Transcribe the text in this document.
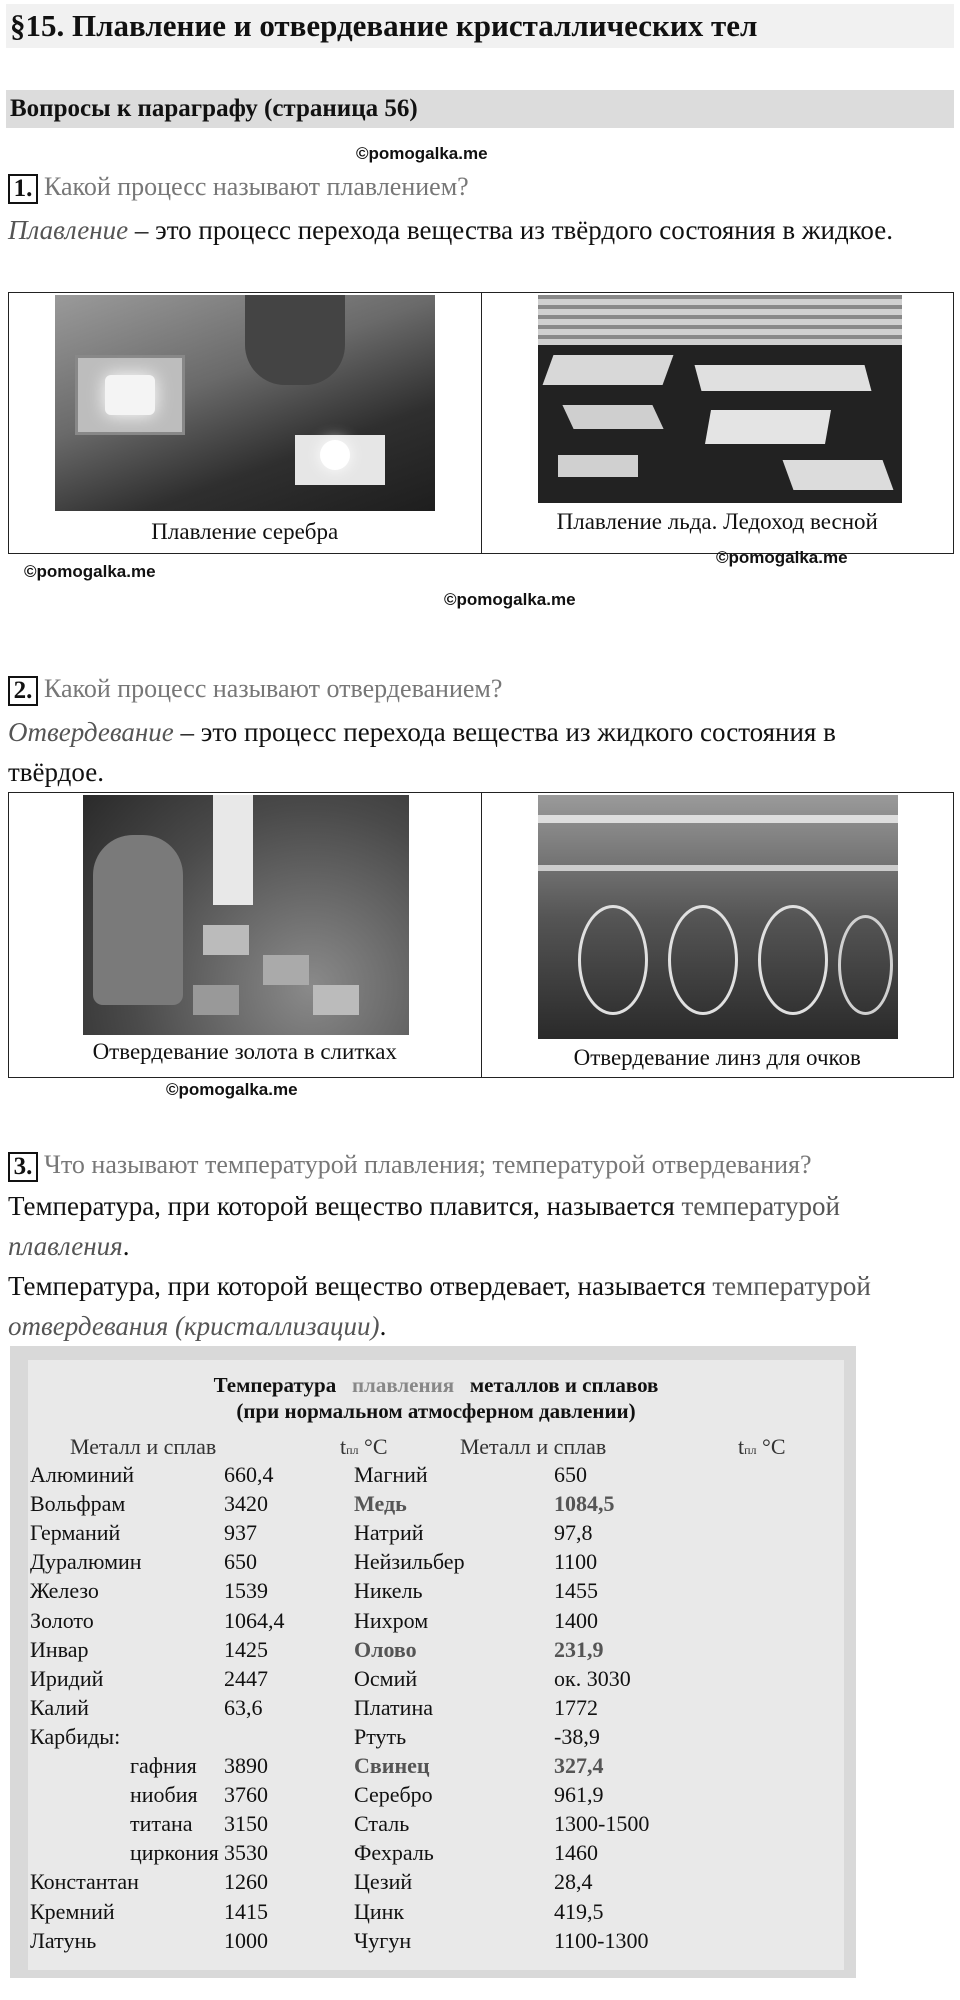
§15. Плавление и отвердевание кристаллических тел
Вопросы к параграфу (страница 56)
©pomogalka.me
1. Какой процесс называют плавлением?
Плавление – это процесс перехода вещества из твёрдого состояния в жидкое.
Плавление серебра	Плавление льда. Ледоход весной
©pomogalka.me
©pomogalka.me
©pomogalka.me
2. Какой процесс называют отвердеванием?
Отвердевание – это процесс перехода вещества из жидкого состояния в твёрдое.
Отвердевание золота в слитках	Отвердевание линз для очков
©pomogalka.me
3. Что называют температурой плавления; температурой отвердевания?
Температура, при которой вещество плавится, называется температурой
плавления.
Температура, при которой вещество отвердевает, называется температурой
отвердевания (кристаллизации).
Температура плавления металлов и сплавов
(при нормальном атмосферном давлении)
Металл и сплав	tпл °C	Металл и сплав	tпл °C
Алюминий	660,4	Магний	650
Вольфрам	3420	Медь	1084,5
Германий	937	Натрий	97,8
Дуралюмин	650	Нейзильбер	1100
Железо	1539	Никель	1455
Золото	1064,4	Нихром	1400
Инвар	1425	Олово	231,9
Иридий	2447	Осмий	ок. 3030
Калий	63,6	Платина	1772
Карбиды:	Ртуть	-38,9
гафния 3890	Свинец	327,4
ниобия 3760	Серебро	961,9
титана 3150	Сталь	1300-1500
циркония 3530	Фехраль	1460
Константан	1260	Цезий	28,4
Кремний	1415	Цинк	419,5
Латунь	1000	Чугун	1100-1300
